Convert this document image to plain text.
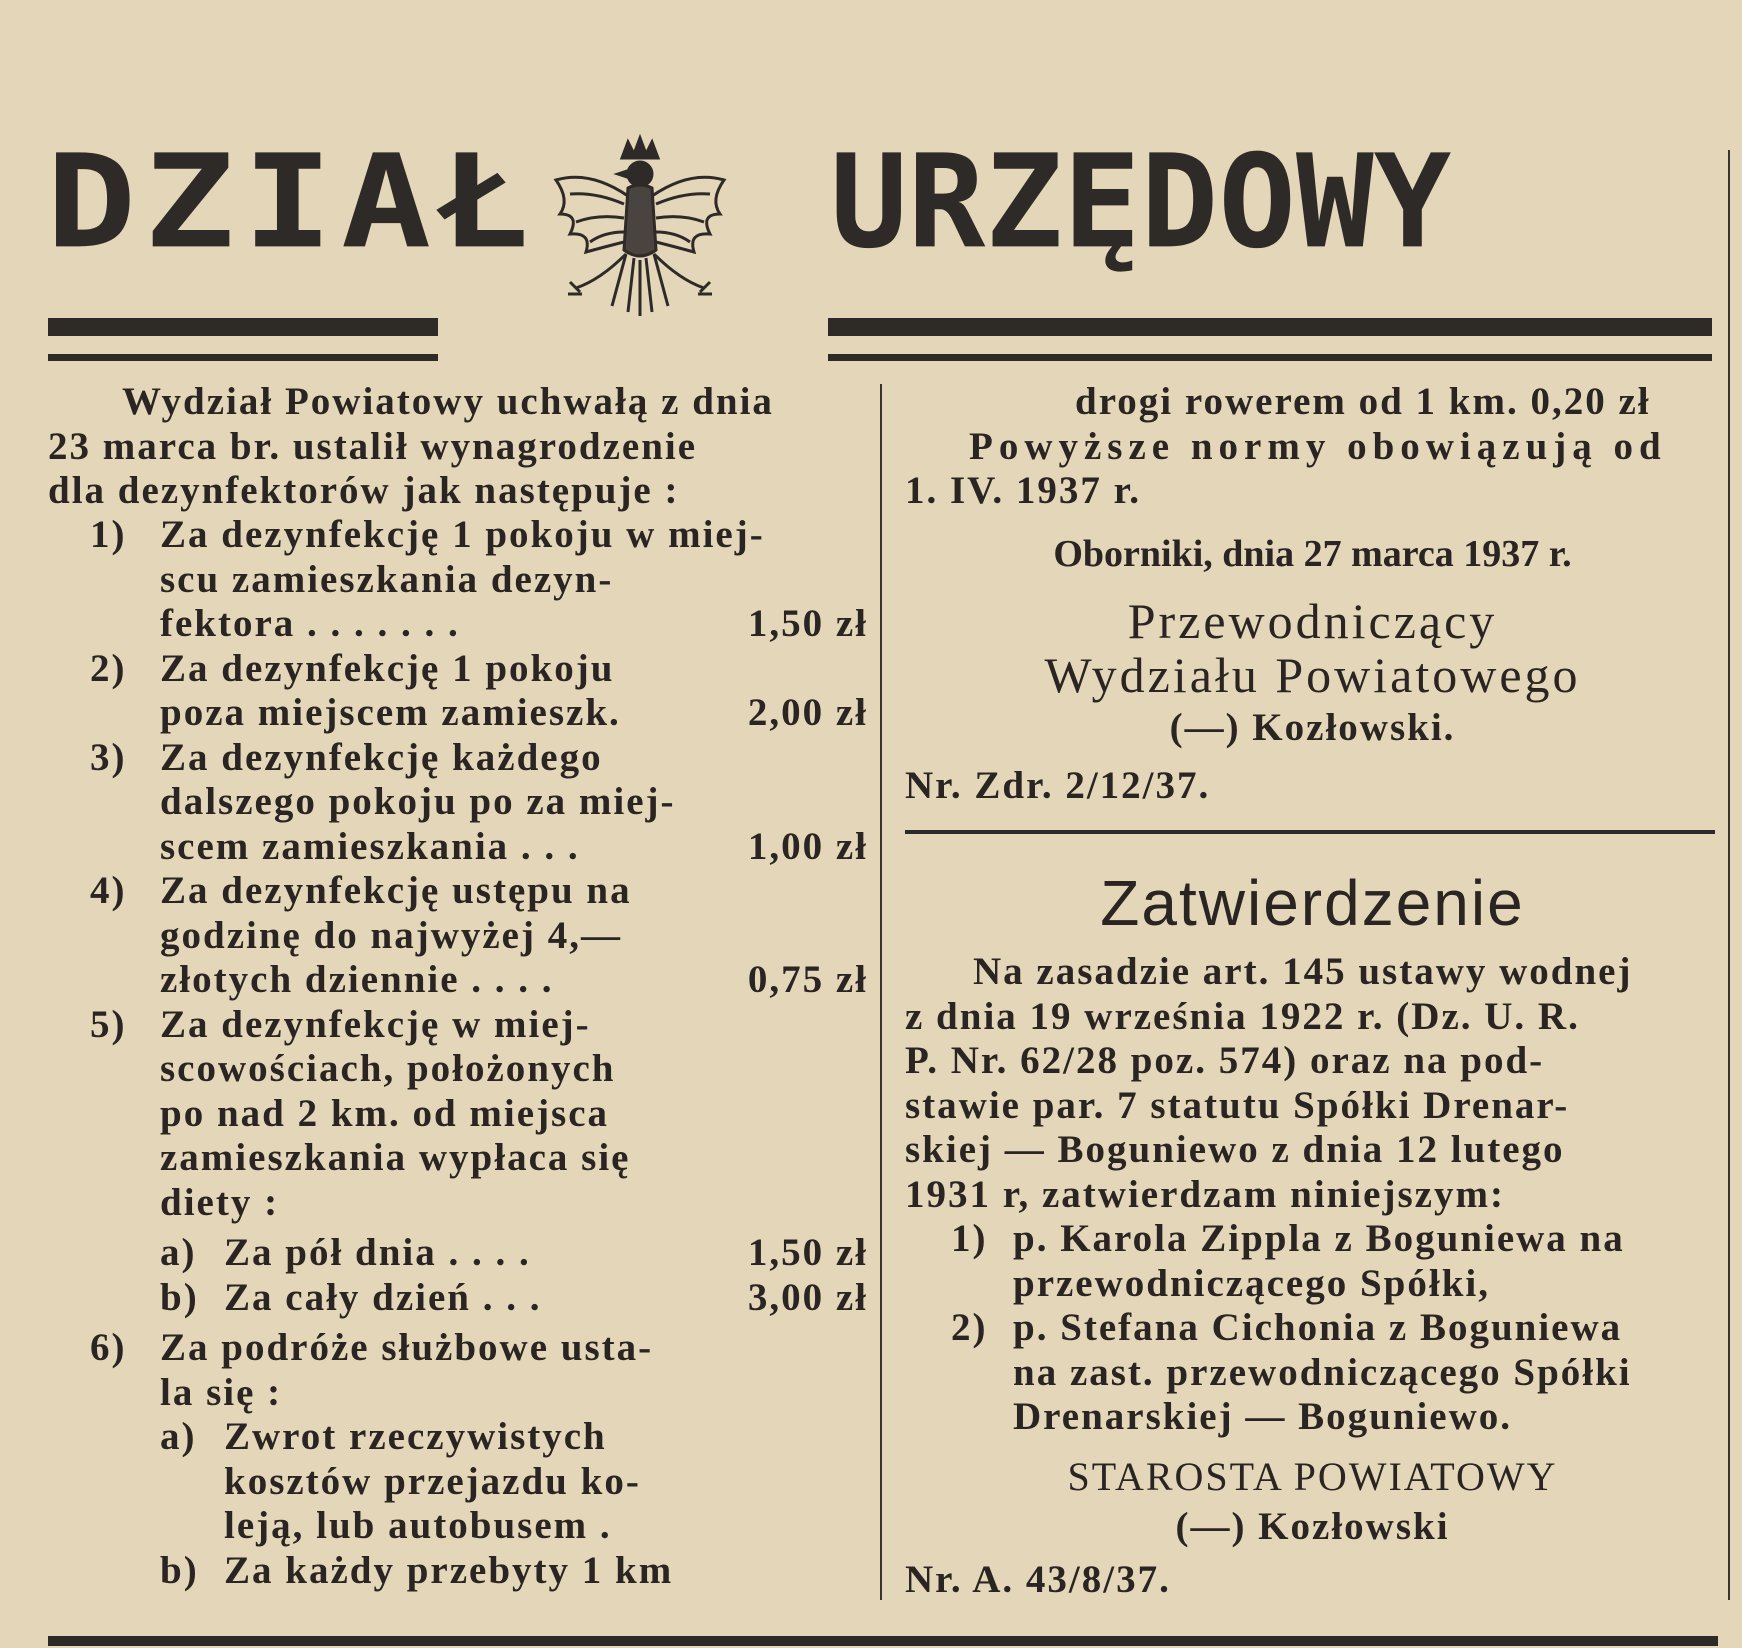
DZIAŁ URZĘDOWY
Wydział Powiatowy uchwałą z dnia
23 marca br. ustalił wynagrodzenie
dla dezynfektorów jak następuje :
1) Za dezynfekcję 1 pokoju w miej-
scu zamieszkania dezyn-
fektora . . . . . . .	1,50 zł
2) Za dezynfekcję 1 pokoju
poza miejscem zamieszk.	2,00 zł
3) Za dezynfekcję każdego
dalszego pokoju po za miej-
scem zamieszkania . . .	1,00 zł
4) Za dezynfekcję ustępu na
godzinę do najwyżej 4,—
złotych dziennie . . . .	0,75 zł
5) Za dezynfekcję w miej-
scowościach, położonych
po nad 2 km. od miejsca
zamieszkania wypłaca się
diety :
a) Za pół dnia . . . .	1,50 zł
b) Za cały dzień . . .	3,00 zł
6) Za podróże służbowe usta-
la się :
a) Zwrot rzeczywistych
kosztów przejazdu ko-
leją, lub autobusem .
b) Za każdy przebyty 1 km
drogi rowerem od 1 km. 0,20 zł
Powyższe normy obowiązują od
1. IV. 1937 r.
Oborniki, dnia 27 marca 1937 r.
Przewodniczący
Wydziału Powiatowego
(—) Kozłowski.
Nr. Zdr. 2/12/37.
Zatwierdzenie
Na zasadzie art. 145 ustawy wodnej
z dnia 19 września 1922 r. (Dz. U. R.
P. Nr. 62/28 poz. 574) oraz na pod-
stawie par. 7 statutu Spółki Drenar-
skiej — Boguniewo z dnia 12 lutego
1931 r, zatwierdzam niniejszym:
1) p. Karola Zippla z Boguniewa na
przewodniczącego Spółki,
2) p. Stefana Cichonia z Boguniewa
na zast. przewodniczącego Spółki
Drenarskiej — Boguniewo.
STAROSTA POWIATOWY
(—) Kozłowski
Nr. A. 43/8/37.
